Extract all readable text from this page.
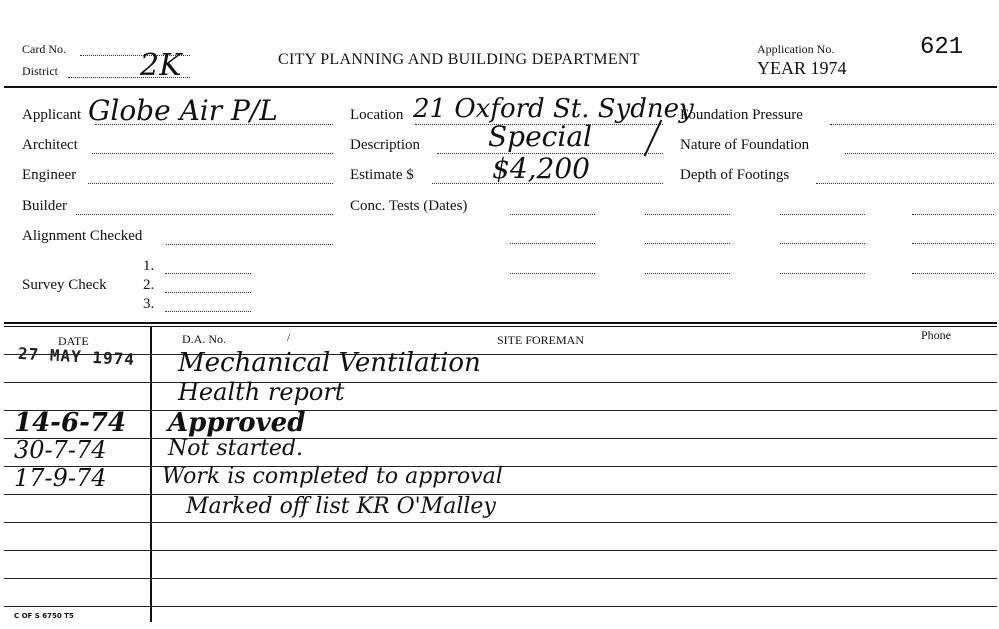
Card No.
District	2K	CITY PLANNING AND BUILDING DEPARTMENT
Application No.
YEAR 1974
621
Applicant Globe Air P/L
Architect
Engineer
Builder
Alignment Checked
Survey Check
1.
2.
3.
Location 21 Oxford St. Sydney
Description Special
Estimate $	$4,200
Conc. Tests (Dates)
Foundation Pressure
Nature of Foundation
Depth of Footings
DATE	D.A. No.	/	SITE FOREMAN	Phone
27 MAY 1974 Mechanical Ventilation
Health report
14-6-74 Approved
30-7-74	Not started.
17-9-74	Work is completed to approval
Marked off list KR O'Malley
C OF S 6750 T5
